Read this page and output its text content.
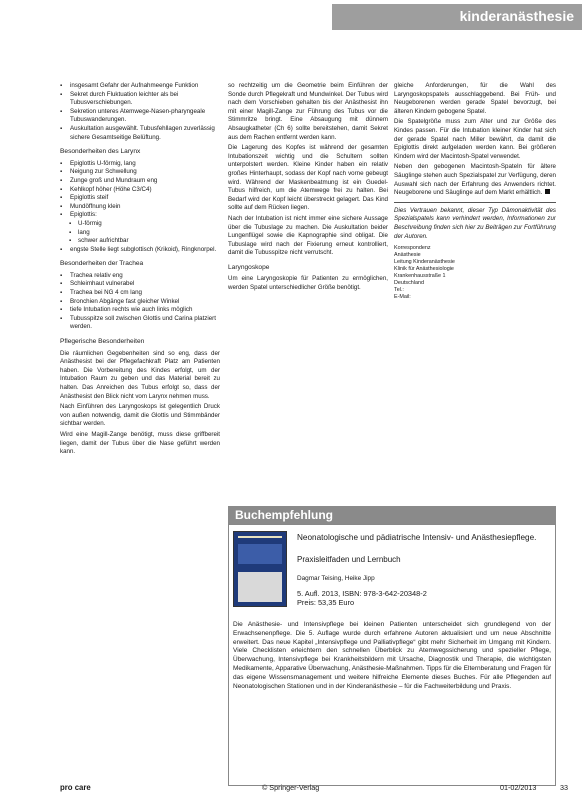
kinderanästhesie
▪ insgesamt Gefahr der Aufnahmeenge Funktion
▪ Sekret durch Fluktuation leichter als bei Tubusverschiebungen.
▪ Sekretion unteres Atemwege-Nasen-pharyngeale Tubuswanderungen.
▪ Auskultation ausgewählt. Tubusfehllagen zuverlässig sichere Gesamtseitige Belüftung.
Besonderheiten des Larynx
▪ Epiglottis U-förmig, lang
▪ Neigung zur Schwellung
▪ Zunge groß und Mundraum eng
▪ Kehlkopf höher (Höhe C3/C4)
▪ Epiglottis steif
▪ Mundöffnung klein
▪ Epiglottis:
▪ U-förmig
▪ lang
▪ schwer aufrichtbar
▪ engste Stelle liegt subglottisch (Krikoid), Ringknorpel.
Besonderheiten der Trachea
▪ Trachea relativ eng
▪ Schleimhaut vulnerabel
▪ Trachea bei NG 4 cm lang
▪ Bronchien Abgänge fast gleicher Winkel
▪ tiefe Intubation rechts wie auch links möglich
▪ Tubusspitze soll zwischen Glottis und Carina platziert werden.
Pflegerische Besonderheiten

Die räumlichen Gegebenheiten sind so eng, dass der Anästhesist bei der Pflegefachkraft Platz am Patienten haben. Die Vorbereitung des Kindes erfolgt, um der Intubation Raum zu geben und das Material bereit zu halten. Das Anreichen des Tubus erfolgt so, dass der Anästhesist den Blick nicht vom Larynx nehmen muss.

Nach Einführen des Laryngoskops ist gelegentlich Druck von außen notwendig, damit die Glottis und Stimmbänder sichtbar werden.

Wird eine Magill-Zange benötigt, muss diese griffbereit liegen, damit der Tubus über die Nase geführt werden kann.

so rechtzeitig um die Geometrie beim Einführen der Sonde durch Pflegekraft und Mundwinkel. Der Tubus wird nach dem Vorschieben gehalten bis der Anästhesist ihn mit einer Magill-Zange zur Führung des Tubus vor die Stimmritze bringt. Eine Absaugung mit dünnem Absaugkatheter (Ch 6) sollte bereitstehen, damit Sekret aus dem Rachen entfernt werden kann.

Die Lagerung des Kopfes ist während der gesamten Intubationszeit wichtig und die Schultern sollten unterpolstert werden. Kleine Kinder haben ein relativ großes Hinterhaupt, sodass der Kopf nach vorne gebeugt wird. Während der Maskenbeatmung ist ein Guedel-Tubus hilfreich, um die Atemwege frei zu halten. Bei Bedarf wird der Kopf leicht überstreckt gelagert. Das Kind sollte auf dem Rücken liegen.

Nach der Intubation ist nicht immer eine sichere Aussage über die Tubuslage zu machen. Die Auskultation beider Lungenflügel sowie die Kapnographie sind obligat. Die Tubuslage wird nach der Fixierung erneut kontrolliert, damit die Tubusspitze nicht verrutscht.

Laryngoskope

Um eine Laryngoskopie für Patienten zu ermöglichen, werden Spatel unterschiedlicher Größe benötigt.

gleiche Anforderungen, für die Wahl des Laryngoskopspatels ausschlaggebend. Bei Früh- und Neugeborenen werden gerade Spatel bevorzugt, bei älteren Kindern gebogene Spatel.

Die Spatelgröße muss zum Alter und zur Größe des Kindes passen. Für die Intubation kleiner Kinder hat sich der gerade Spatel nach Miller bewährt, da damit die Epiglottis direkt aufgeladen werden kann. Bei größeren Kindern wird der Macintosh-Spatel verwendet.

Neben den gebogenen Macintosh-Spateln für ältere Säuglinge stehen auch Spezialspatel zur Verfügung, deren Auswahl sich nach der Erfahrung des Anwenders richtet. Neugeborene und Säuglinge auf dem Markt erhältlich.

Dies Vertrauen bekannt, dieser Typ Dämonaktivität des Spezialspatels kann verhindert werden, Informationen zur Beschreibung finden sich hier zu Beiträgen zur Fortführung der Autoren.

Korrespondenz
Anästhesie
Leitung Kinderanästhesie
Klinik für Anästhesiologie
Krankenhausstraße 1
Deutschland
Tel.:
E-Mail:
Buchempfehlung
Neonatologische und pädiatrische Intensiv- und Anästhesiepflege.
Praxisleitfaden und Lernbuch
Dagmar Teising, Heike Jipp
5. Aufl. 2013, ISBN: 978-3-642-20348-2
Preis: 53,35 Euro
Die Anästhesie- und Intensivpflege bei kleinen Patienten unterscheidet sich grundlegend von der Erwachsenenpflege. Die 5. Auflage wurde durch erfahrene Autoren aktualisiert und um neue Abschnitte erweitert. Das neue Kapitel „Intensivpflege und Palliativpflege“ gibt mehr Sicherheit im Umgang mit Kindern. Viele Checklisten erleichtern den schnellen Überblick zu Atemwegssicherung und spezieller Pflege, Überwachung, Intensivpflege bei Krankheitsbildern mit Ursache, Diagnostik und Therapie, die wichtigsten Medikamente, Apparative Überwachung, Anästhesie-Maßnahmen. Tipps für die Elternberatung und Fragen für das eigene Wissensmanagement und weitere hilfreiche Elemente dieses Buches. Für alle Pflegenden auf Neonatologischen Stationen und in der Kinderanästhesie – für die Fachweiterbildung und Praxis.
pro care	© Springer-Verlag	01-02/2013	33
